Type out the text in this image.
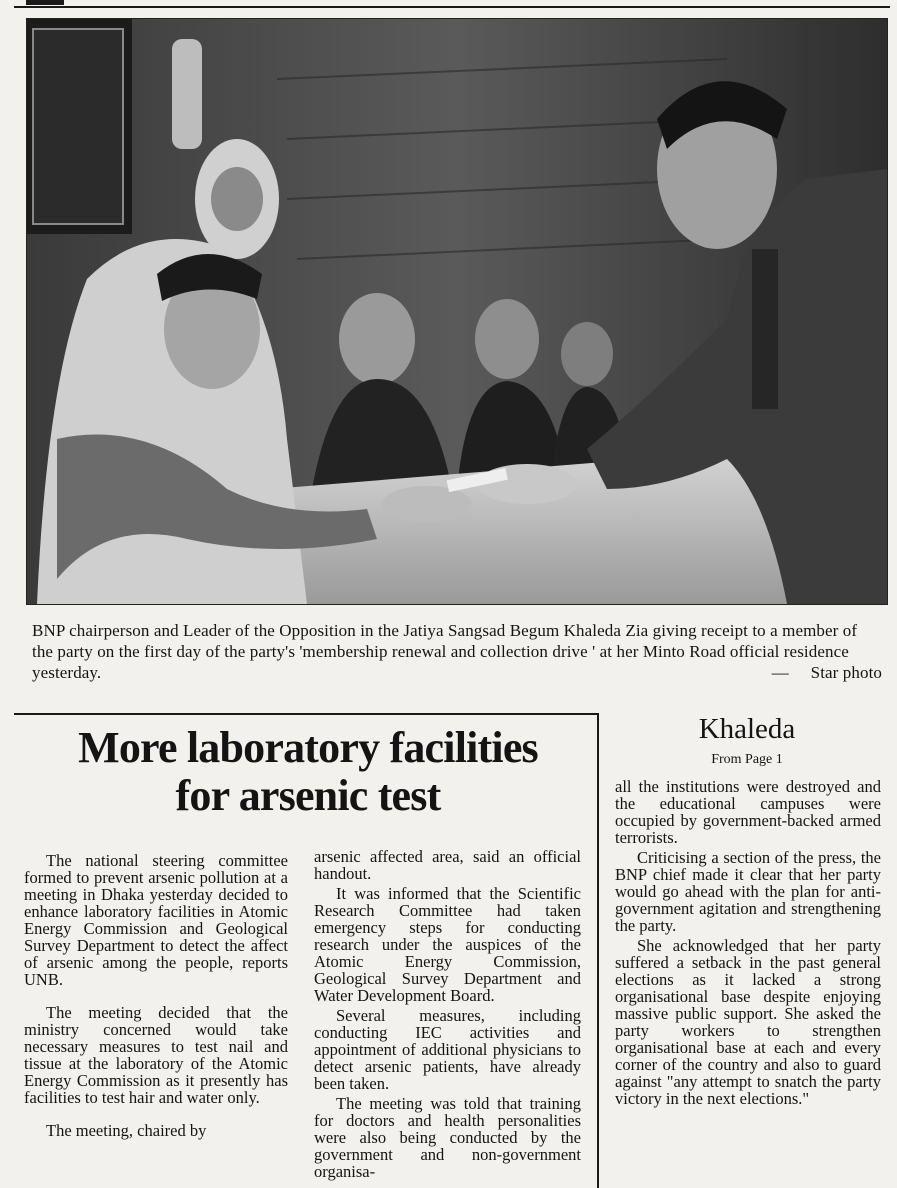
BNP chairperson and Leader of the Opposition in the Jatiya Sangsad Begum Khaleda Zia giving receipt to a member of the party on the first day of the party's 'membership renewal and collection drive ' at her Minto Road official residence yesterday.	— Star photo
More laboratory facilities
for arsenic test

The national steering committee formed to prevent arsenic pollution at a meeting in Dhaka yesterday decided to enhance laboratory facilities in Atomic Energy Commission and Geological Survey Department to detect the affect of arsenic among the people, reports UNB.

The meeting decided that the ministry concerned would take necessary measures to test nail and tissue at the laboratory of the Atomic Energy Commission as it presently has facilities to test hair and water only.

The meeting, chaired by

arsenic affected area, said an official handout.

It was informed that the Scientific Research Committee had taken emergency steps for conducting research under the auspices of the Atomic Energy Commission, Geological Survey Department and Water Development Board.

Several measures, including conducting IEC activities and appointment of additional physicians to detect arsenic patients, have already been taken.

The meeting was told that training for doctors and health personalities were also being conducted by the government and non-government organisa-

Khaleda
From Page 1

all the institutions were destroyed and the educational campuses were occupied by government-backed armed terrorists.

Criticising a section of the press, the BNP chief made it clear that her party would go ahead with the plan for anti-government agitation and strengthening the party.

She acknowledged that her party suffered a setback in the past general elections as it lacked a strong organisational base despite enjoying massive public support. She asked the party workers to strengthen organisational base at each and every corner of the country and also to guard against "any attempt to snatch the party victory in the next elections."
